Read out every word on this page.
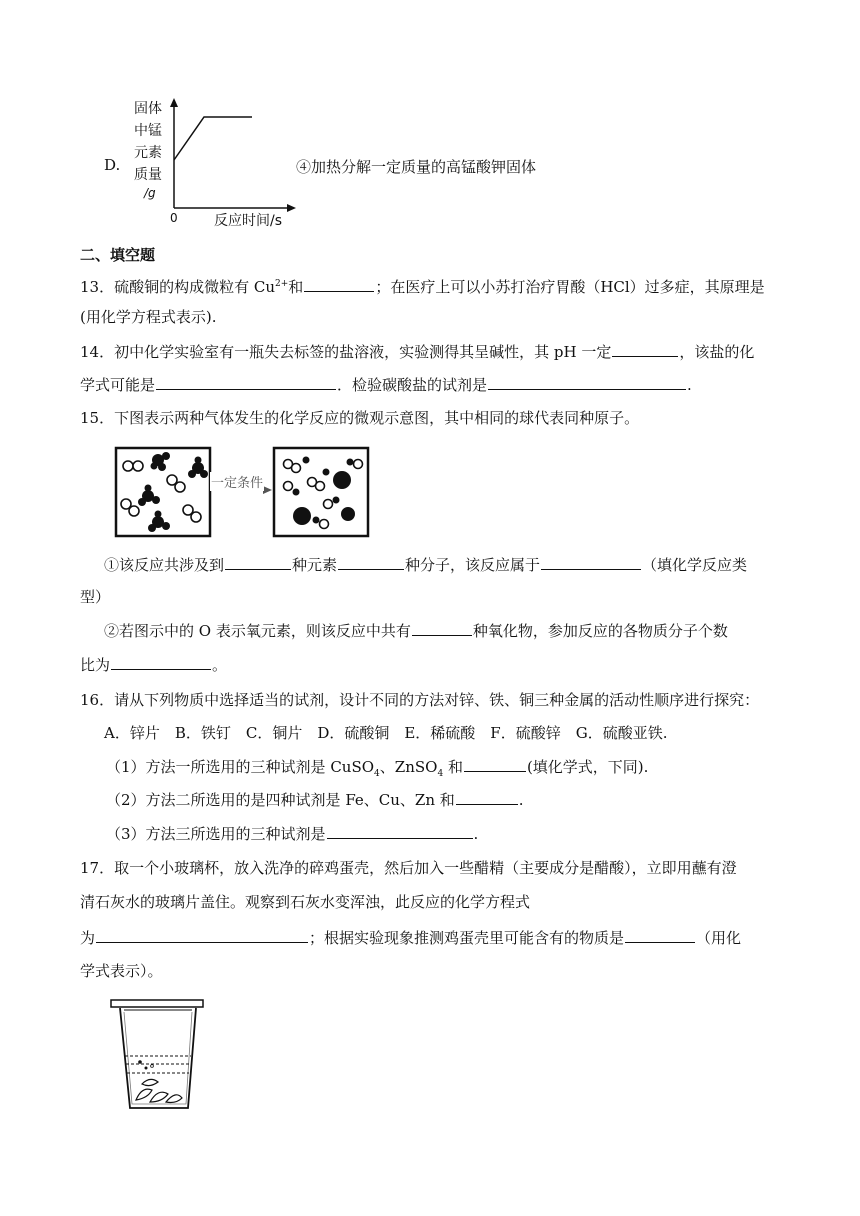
D.
固体
中锰
元素
质量
/g
0	反应时间/s
④加热分解一定质量的高锰酸钾固体
二、填空题
13．硫酸铜的构成微粒有 $Cu^{2+}$和	；在医疗上可以小苏打治疗胃酸（HCl）过多症，其原理是
(用化学方程式表示).
14．初中化学实验室有一瓶失去标签的盐溶液，实验测得其呈碱性，其 pH 一定	，该盐的化
学式可能是	．检验碳酸盐的试剂是	.
15．下图表示两种气体发生的化学反应的微观示意图，其中相同的球代表同种原子。
一定条件
①该反应共涉及到	种元素	种分子，该反应属于	（填化学反应类
型）
②若图示中的 O 表示氧元素，则该反应中共有	种氧化物，参加反应的各物质分子个数
比为	。
16．请从下列物质中选择适当的试剂，设计不同的方法对锌、铁、铜三种金属的活动性顺序进行探究：
A．锌片　B．铁钉　C．铜片　D．硫酸铜　E．稀硫酸　F．硫酸锌　G．硫酸亚铁.
（1）方法一所选用的三种试剂是 CuSO$_4$、ZnSO$_4$ 和	(填化学式，下同).
（2）方法二所选用的是四种试剂是 Fe、Cu、Zn 和	.
（3）方法三所选用的三种试剂是	.
17．取一个小玻璃杯，放入洗净的碎鸡蛋壳，然后加入一些醋精（主要成分是醋酸），立即用蘸有澄
清石灰水的玻璃片盖住。观察到石灰水变浑浊，此反应的化学方程式
为	；根据实验现象推测鸡蛋壳里可能含有的物质是	（用化
学式表示）。
